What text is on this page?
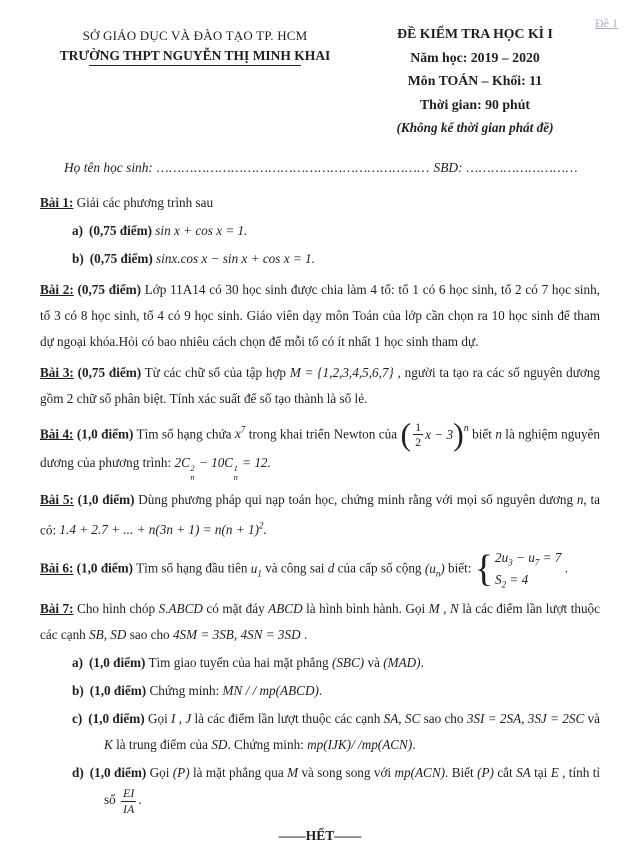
Đề 1
SỞ GIÁO DỤC VÀ ĐÀO TẠO TP. HCM
TRƯỜNG THPT NGUYỄN THỊ MINH KHAI
ĐỀ KIỂM TRA HỌC KÌ I
Năm học: 2019 – 2020
Môn TOÁN – Khối: 11
Thời gian: 90 phút
(Không kể thời gian phát đề)
Họ tên học sinh: ………………………………………………………… SBD: ………………………

Bài 1: Giải các phương trình sau

a) (0,75 điểm) sin x + cos x = 1.

b) (0,75 điểm) sinx.cos x − sin x + cos x = 1.

Bài 2: (0,75 điểm) Lớp 11A14 có 30 học sinh được chia làm 4 tổ: tổ 1 có 6 học sinh, tổ 2 có 7 học sinh, tổ 3 có 8 học sinh, tổ 4 có 9 học sinh. Giáo viên dạy môn Toán của lớp cần chọn ra 10 học sinh để tham dự ngoại khóa.Hỏi có bao nhiêu cách chọn để mỗi tổ có ít nhất 1 học sinh tham dự.

Bài 3: (0,75 điểm) Từ các chữ số của tập hợp M = {1,2,3,4,5,6,7} , người ta tạo ra các số nguyên dương gồm 2 chữ số phân biệt. Tính xác suất để số tạo thành là số lẻ.

Bài 4: (1,0 điểm) Tìm số hạng chứa $x^7$ trong khai triển Newton của ( $\frac{1}{2}$ x − 3 ) n biết n là nghiệm nguyên dương của phương trình: 2C 2
n
− 10C 1
n
= 12.

Bài 5: (1,0 điểm) Dùng phương pháp qui nạp toán học, chứng minh rằng với mọi số nguyên dương n, ta có: 1.4 + 2.7 + ... + $n(3n + 1) = n(n + 1)^2$.

Bài 6: (1,0 điểm) Tìm số hạng đầu tiên $u_1$ và công sai d của cấp số cộng $(u_n)$ biết: { $2u_3 - u_7 = 7$
$S_2 = 4$
.

Bài 7: Cho hình chóp S.ABCD có mặt đáy ABCD là hình bình hành. Gọi M , N là các điểm lần lượt thuộc các cạnh SB, SD sao cho 4SM = 3SB, 4SN = 3SD .

a) (1,0 điểm) Tìm giao tuyến của hai mặt phẳng (SBC) và (MAD).

b) (1,0 điểm) Chứng minh: MN / / mp(ABCD).

c) (1,0 điểm) Gọi I , J là các điểm lần lượt thuộc các cạnh SA, SC sao cho 3SI = 2SA, 3SJ = 2SC và K là trung điểm của SD. Chứng minh: mp(IJK)/ /mp(ACN).

d) (1,0 điểm) Gọi (P) là mặt phẳng qua M và song song với mp(ACN). Biết (P) cắt SA tại E , tính tỉ số $\frac{EI}{IA}$ .

——HẾT——
